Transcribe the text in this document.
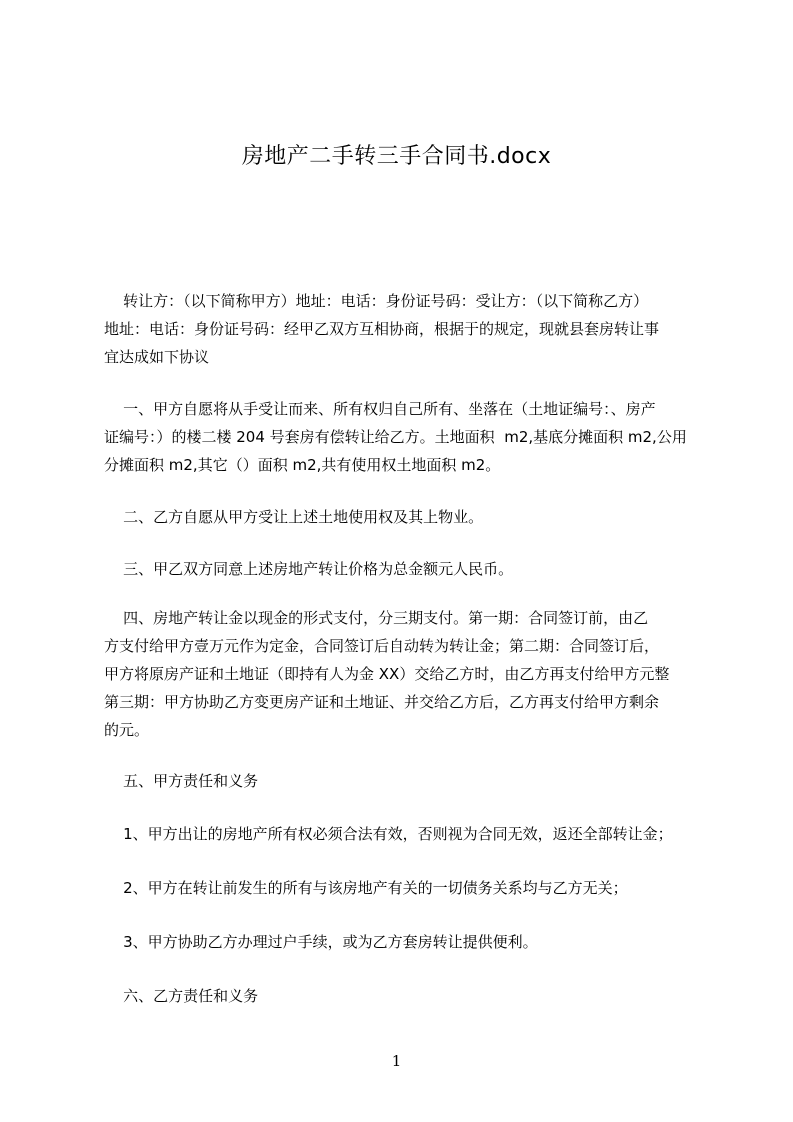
房地产二手转三手合同书.docx
转让方：（以下简称甲方）地址：电话：身份证号码：受让方：（以下简称乙方）
地址：电话：身份证号码：经甲乙双方互相协商，根据于的规定，现就县套房转让事
宜达成如下协议
一、甲方自愿将从手受让而来、所有权归自己所有、坐落在（土地证编号：、房产
证编号：）的楼二楼 204 号套房有偿转让给乙方。土地面积  m2,基底分摊面积 m2,公用
分摊面积 m2,其它（）面积 m2,共有使用权土地面积 m2。
二、乙方自愿从甲方受让上述土地使用权及其上物业。
三、甲乙双方同意上述房地产转让价格为总金额元人民币。
四、房地产转让金以现金的形式支付，分三期支付。第一期：合同签订前，由乙
方支付给甲方壹万元作为定金，合同签订后自动转为转让金；第二期：合同签订后，
甲方将原房产证和土地证（即持有人为金 XX）交给乙方时，由乙方再支付给甲方元整
第三期：甲方协助乙方变更房产证和土地证、并交给乙方后，乙方再支付给甲方剩余
的元。
五、甲方责任和义务
1、甲方出让的房地产所有权必须合法有效，否则视为合同无效，返还全部转让金；
2、甲方在转让前发生的所有与该房地产有关的一切债务关系均与乙方无关；
3、甲方协助乙方办理过户手续，或为乙方套房转让提供便利。
六、乙方责任和义务
1
